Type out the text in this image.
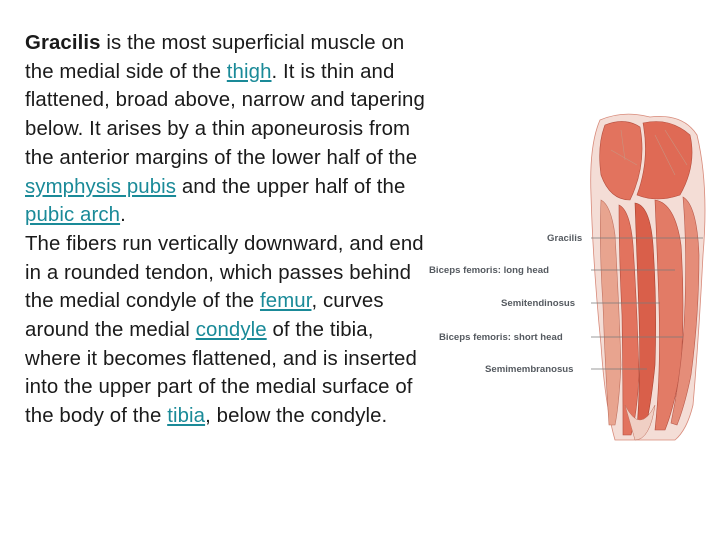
Gracilis is the most superficial muscle on the medial side of the thigh. It is thin and flattened, broad above, narrow and tapering below. It arises by a thin aponeurosis from the anterior margins of the lower half of the symphysis pubis and the upper half of the pubic arch.
The fibers run vertically downward, and end in a rounded tendon, which passes behind the medial condyle of the femur, curves around the medial condyle of the tibia, where it becomes flattened, and is inserted into the upper part of the medial surface of the body of the tibia, below the condyle.
Gracilis
Biceps femoris: long head
Semitendinosus
Biceps femoris: short head
Semimembranosus
